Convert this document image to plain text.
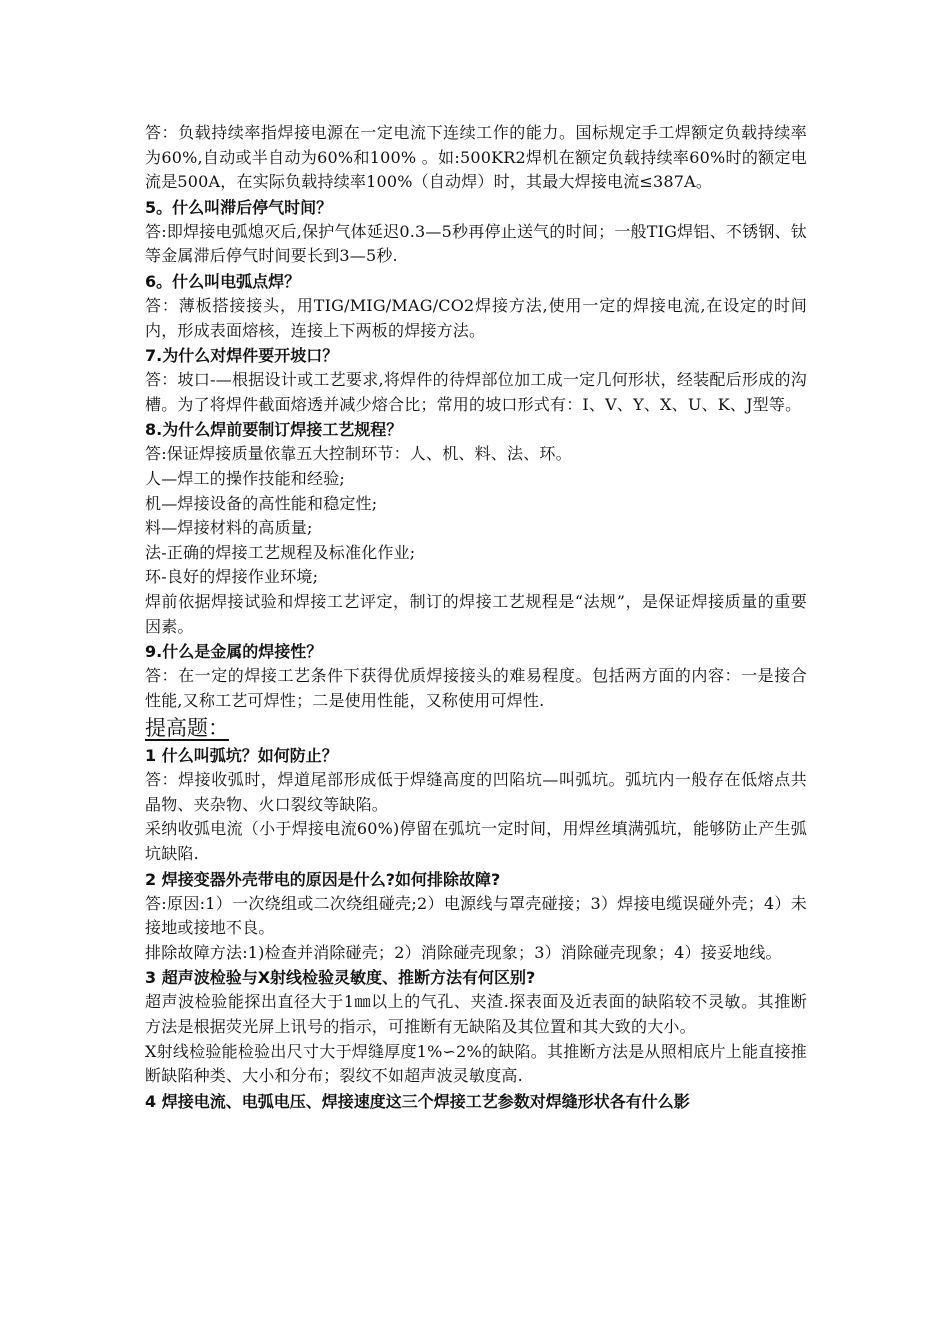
答：负载持续率指焊接电源在一定电流下连续工作的能力。国标规定手工焊额定负载持续率为60%,自动或半自动为60%和100% 。如:500KR2焊机在额定负载持续率60%时的额定电流是500A，在实际负载持续率100%（自动焊）时，其最大焊接电流≤387A。

5。什么叫滞后停气时间？

答:即焊接电弧熄灭后,保护气体延迟0.3—5秒再停止送气的时间；一般TIG焊铝、不锈钢、钛等金属滞后停气时间要长到3—5秒.

6。什么叫电弧点焊？

答：薄板搭接接头，用TIG/MIG/MAG/CO2焊接方法,使用一定的焊接电流,在设定的时间内，形成表面熔核，连接上下两板的焊接方法。

7.为什么对焊件要开坡口？

答：坡口-—根据设计或工艺要求,将焊件的待焊部位加工成一定几何形状，经装配后形成的沟槽。为了将焊件截面熔透并减少熔合比；常用的坡口形式有：I、V、Y、X、U、K、J型等。

8.为什么焊前要制订焊接工艺规程？

答:保证焊接质量依靠五大控制环节：人、机、料、法、环。

人—焊工的操作技能和经验;

机—焊接设备的高性能和稳定性;

料—焊接材料的高质量;

法-正确的焊接工艺规程及标准化作业;

环-良好的焊接作业环境;

焊前依据焊接试验和焊接工艺评定，制订的焊接工艺规程是“法规”，是保证焊接质量的重要因素。

9.什么是金属的焊接性？

答：在一定的焊接工艺条件下获得优质焊接接头的难易程度。包括两方面的内容：一是接合性能,又称工艺可焊性；二是使用性能，又称使用可焊性.

提高题：

1 什么叫弧坑？如何防止？

答：焊接收弧时，焊道尾部形成低于焊缝高度的凹陷坑—叫弧坑。弧坑内一般存在低熔点共晶物、夹杂物、火口裂纹等缺陷。

采纳收弧电流（小于焊接电流60%)停留在弧坑一定时间，用焊丝填满弧坑，能够防止产生弧坑缺陷.

2 焊接变器外壳带电的原因是什么?如何排除故障?

答:原因:1）一次绕组或二次绕组碰壳;2）电源线与罩壳碰接；3）焊接电缆误碰外壳；4）未接地或接地不良。

排除故障方法:1)检查并消除碰壳；2）消除碰壳现象；3）消除碰壳现象；4）接妥地线。

3 超声波检验与X射线检验灵敏度、推断方法有何区别?

超声波检验能探出直径大于1㎜以上的气孔、夹渣.探表面及近表面的缺陷较不灵敏。其推断方法是根据荧光屏上讯号的指示，可推断有无缺陷及其位置和其大致的大小。

X射线检验能检验出尺寸大于焊缝厚度1%∽2%的缺陷。其推断方法是从照相底片上能直接推断缺陷种类、大小和分布；裂纹不如超声波灵敏度高.

4 焊接电流、电弧电压、焊接速度这三个焊接工艺参数对焊缝形状各有什么影
